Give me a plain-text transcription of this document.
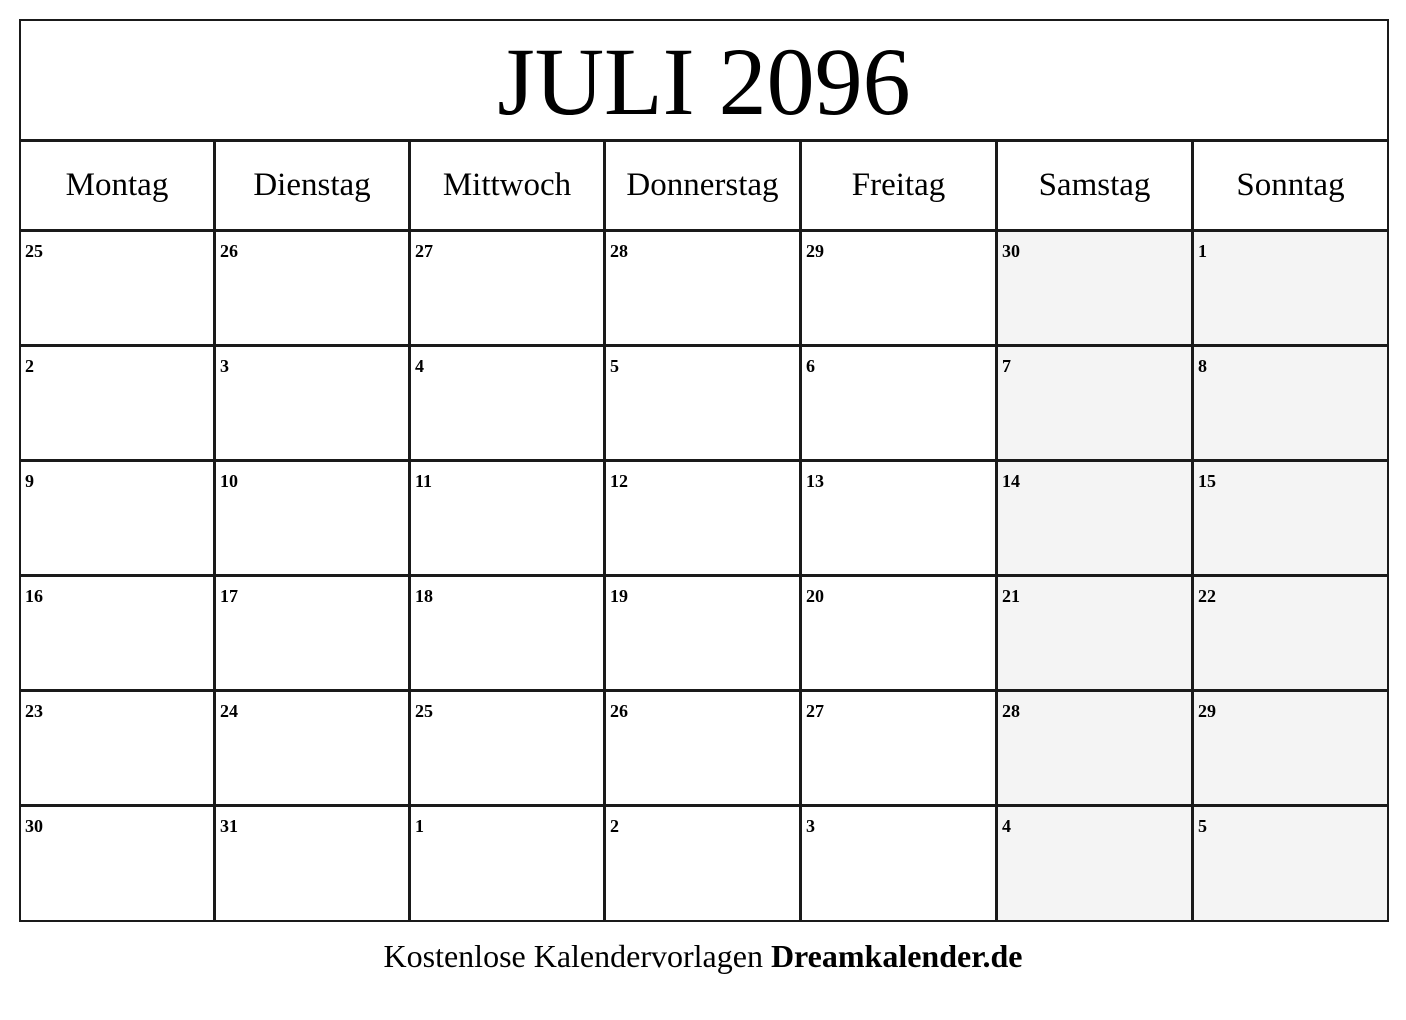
JULI 2096
Montag	Dienstag	Mittwoch	Donnerstag	Freitag	Samstag	Sonntag
25	26	27	28	29	30	1
2	3	4	5	6	7	8
9	10	11	12	13	14	15
16	17	18	19	20	21	22
23	24	25	26	27	28	29
30	31	1	2	3	4	5
Kostenlose Kalendervorlagen Dreamkalender.de
